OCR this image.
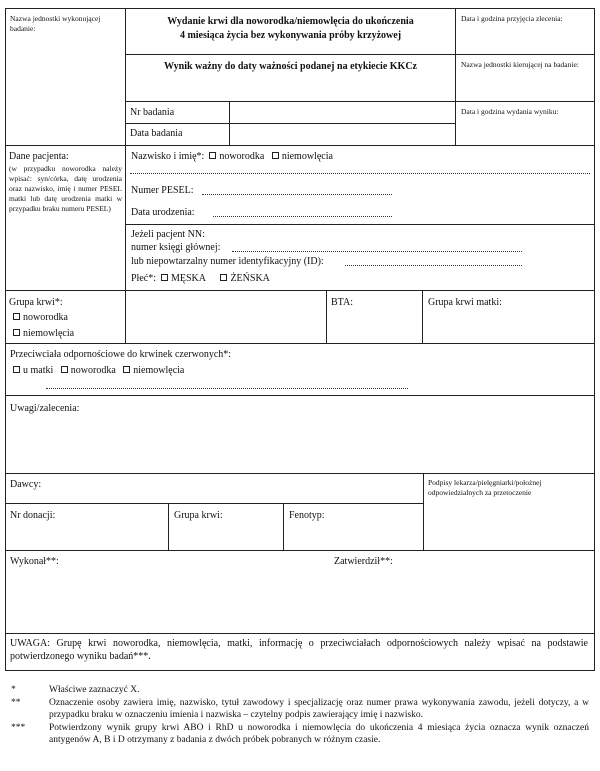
Nazwa jednostki wykonującej badanie:
Wydanie krwi dla noworodka/niemowlęcia do ukończenia
4 miesiąca życia bez wykonywania próby krzyżowej
Wynik ważny do daty ważności podanej na etykiecie KKCz
Data i godzina przyjęcia zlecenia:
Nazwa jednostki kierującej na badanie:
Nr badania
Data badania
Data i godzina wydania wyniku:
Dane pacjenta:
(w przypadku noworodka należy wpisać: syn/córka, datę urodzenia oraz nazwisko, imię i numer PESEL matki lub datę urodzenia matki w przypadku braku numeru PESEL)
Nazwisko i imię*: noworodka niemowlęcia
Numer PESEL:
Data urodzenia:
Jeżeli pacjent NN:
numer księgi głównej:
lub niepowtarzalny numer identyfikacyjny (ID):
Płeć*: MĘSKA	ŻEŃSKA
Grupa krwi*:
noworodka
niemowlęcia
BTA:	Grupa krwi matki:
Przeciwciała odpornościowe do krwinek czerwonych*:
u matki noworodka niemowlęcia
Uwagi/zalecenia:
Dawcy:	Podpisy lekarza/pielęgniarki/położnej odpowiedzialnych za przetoczenie
Nr donacji:	Grupa krwi:	Fenotyp:
Wykonał**:	Zatwierdził**:
UWAGA: Grupę krwi noworodka, niemowlęcia, matki, informację o przeciwciałach odpornościowych należy wpisać na podstawie potwierdzonego wyniku badań***.
*	Właściwe zaznaczyć X.
**	Oznaczenie osoby zawiera imię, nazwisko, tytuł zawodowy i specjalizację oraz numer prawa wykonywania zawodu, jeżeli dotyczy, a w przypadku braku w oznaczeniu imienia i nazwiska – czytelny podpis zawierający imię i nazwisko.
***	Potwierdzony wynik grupy krwi ABO i RhD u noworodka i niemowlęcia do ukończenia 4 miesiąca życia oznacza wynik oznaczeń antygenów A, B i D otrzymany z badania z dwóch próbek pobranych w różnym czasie.
